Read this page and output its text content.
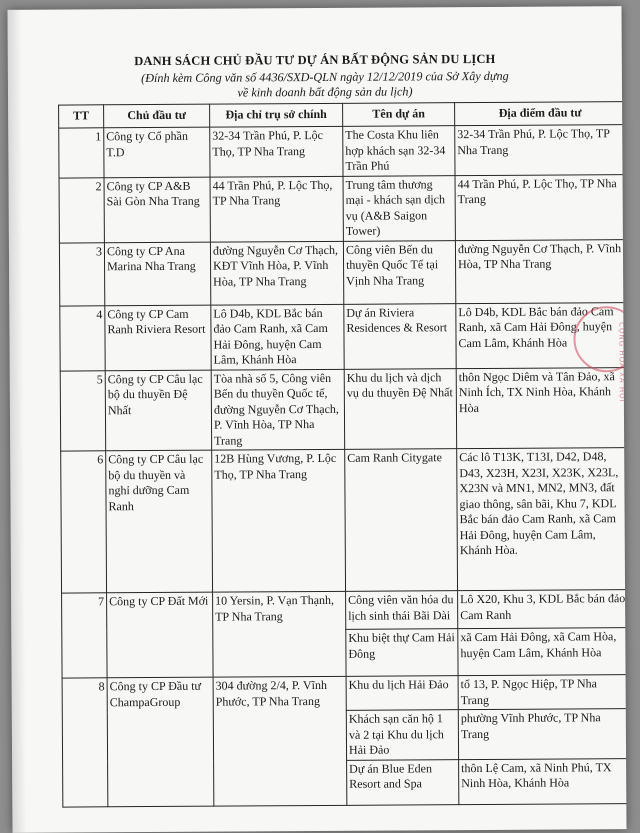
DANH SÁCH CHỦ ĐẦU TƯ DỰ ÁN BẤT ĐỘNG SẢN DU LỊCH
(Đính kèm Công văn số 4436/SXD-QLN ngày 12/12/2019 của Sở Xây dựng
về kinh doanh bất động sản du lịch)
TT	Chủ đầu tư	Địa chỉ trụ sở chính	Tên dự án	Địa điểm đầu tư
1	Công ty Cổ phần T.D	32-34 Trần Phú, P. Lộc Thọ, TP Nha Trang	The Costa Khu liên hợp khách sạn 32-34 Trần Phú	32-34 Trần Phú, P. Lộc Thọ, TP Nha Trang
2	Công ty CP A&B Sài Gòn Nha Trang	44 Trần Phú, P. Lộc Thọ, TP Nha Trang	Trung tâm thương mại - khách sạn dịch vụ (A&B Saigon Tower)	44 Trần Phú, P. Lộc Thọ, TP Nha Trang
3	Công ty CP Ana Marina Nha Trang	đường Nguyễn Cơ Thạch, KĐT Vĩnh Hòa, P. Vĩnh Hòa, TP Nha Trang	Công viên Bến du thuyền Quốc Tế tại Vịnh Nha Trang	đường Nguyễn Cơ Thạch, P. Vĩnh Hòa, TP Nha Trang
4	Công ty CP Cam Ranh Riviera Resort	Lô D4b, KDL Bắc bán đảo Cam Ranh, xã Cam Hải Đông, huyện Cam Lâm, Khánh Hòa	Dự án Riviera Residences & Resort	Lô D4b, KDL Bắc bán đảo Cam Ranh, xã Cam Hải Đông, huyện Cam Lâm, Khánh Hòa
5	Công ty CP Câu lạc bộ du thuyền Đệ Nhất	Tòa nhà số 5, Công viên Bến du thuyền Quốc tế, đường Nguyễn Cơ Thạch, P. Vĩnh Hòa, TP Nha Trang	Khu du lịch và dịch vụ du thuyền Đệ Nhất	thôn Ngọc Diêm và Tân Đảo, xã Ninh Ích, TX Ninh Hòa, Khánh Hòa
6	Công ty CP Câu lạc bộ du thuyền và nghỉ dưỡng Cam Ranh	12B Hùng Vương, P. Lộc Thọ, TP Nha Trang	Cam Ranh Citygate	Các lô T13K, T13I, D42, D48, D43, X23H, X23I, X23K, X23L, X23N và MN1, MN2, MN3, đất giao thông, sân bãi, Khu 7, KDL Bắc bán đảo Cam Ranh, xã Cam Hải Đông, huyện Cam Lâm, Khánh Hòa.
7	Công ty CP Đất Mới	10 Yersin, P. Vạn Thạnh, TP Nha Trang	Công viên văn hóa du lịch sinh thái Bãi Dài	Lô X20, Khu 3, KDL Bắc bán đảo Cam Ranh
			Khu biệt thự Cam Hải Đông	xã Cam Hải Đông, xã Cam Hòa, huyện Cam Lâm, Khánh Hòa
8	Công ty CP Đầu tư ChampaGroup	304 đường 2/4, P. Vĩnh Phước, TP Nha Trang	Khu du lịch Hải Đảo	tổ 13, P. Ngọc Hiệp, TP Nha Trang
			Khách sạn căn hộ 1 và 2 tại Khu du lịch Hải Đảo	phường Vĩnh Phước, TP Nha Trang
			Dự án Blue Eden Resort and Spa	thôn Lệ Cam, xã Ninh Phú, TX Ninh Hòa, Khánh Hòa
CỘNG HÒA XÃ HỘI
